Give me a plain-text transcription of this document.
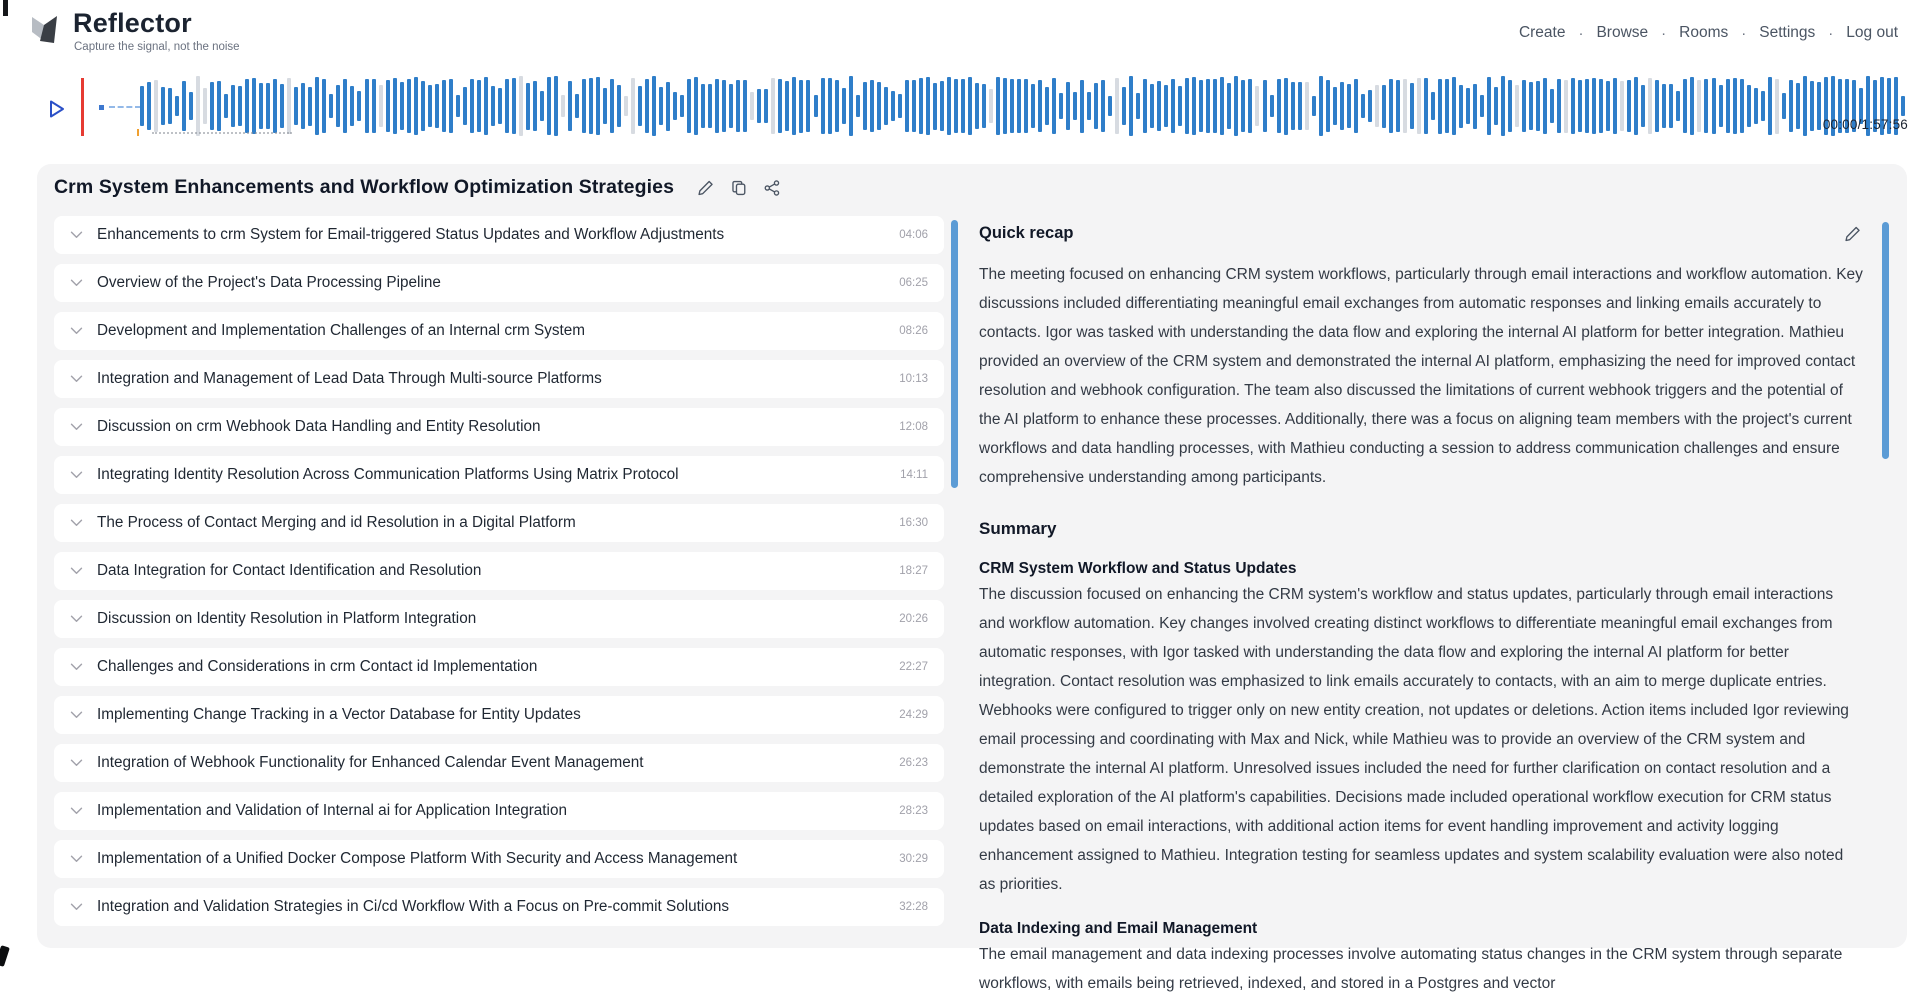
Reflector
Capture the signal, not the noise
Create · Browse · Rooms · Settings · Log out
00:00/1:57:56
Crm System Enhancements and Workflow Optimization Strategies
Enhancements to crm System for Email-triggered Status Updates and Workflow Adjustments	04:06
Overview of the Project's Data Processing Pipeline	06:25
Development and Implementation Challenges of an Internal crm System	08:26
Integration and Management of Lead Data Through Multi-source Platforms	10:13
Discussion on crm Webhook Data Handling and Entity Resolution	12:08
Integrating Identity Resolution Across Communication Platforms Using Matrix Protocol	14:11
The Process of Contact Merging and id Resolution in a Digital Platform	16:30
Data Integration for Contact Identification and Resolution	18:27
Discussion on Identity Resolution in Platform Integration	20:26
Challenges and Considerations in crm Contact id Implementation	22:27
Implementing Change Tracking in a Vector Database for Entity Updates	24:29
Integration of Webhook Functionality for Enhanced Calendar Event Management	26:23
Implementation and Validation of Internal ai for Application Integration	28:23
Implementation of a Unified Docker Compose Platform With Security and Access Management	30:29
Integration and Validation Strategies in Ci/cd Workflow With a Focus on Pre-commit Solutions	32:28
Quick recap

The meeting focused on enhancing CRM system workflows, particularly through email interactions and workflow automation. Key discussions included differentiating meaningful email exchanges from automatic responses and linking emails accurately to contacts. Igor was tasked with understanding the data flow and exploring the internal AI platform for better integration. Mathieu provided an overview of the CRM system and demonstrated the internal AI platform, emphasizing the need for improved contact resolution and webhook configuration. The team also discussed the limitations of current webhook triggers and the potential of the AI platform to enhance these processes. Additionally, there was a focus on aligning team members with the project's current workflows and data handling processes, with Mathieu conducting a session to address communication challenges and ensure comprehensive understanding among participants.

Summary
CRM System Workflow and Status Updates

The discussion focused on enhancing the CRM system's workflow and status updates, particularly through email interactions and workflow automation. Key changes involved creating distinct workflows to differentiate meaningful email exchanges from automatic responses, with Igor tasked with understanding the data flow and exploring the internal AI platform for better integration. Contact resolution was emphasized to link emails accurately to contacts, with an aim to merge duplicate entries. Webhooks were configured to trigger only on new entity creation, not updates or deletions. Action items included Igor reviewing email processing and coordinating with Max and Nick, while Mathieu was to provide an overview of the CRM system and demonstrate the internal AI platform. Unresolved issues included the need for further clarification on contact resolution and a detailed exploration of the AI platform's capabilities. Decisions made included operational workflow execution for CRM status updates based on email interactions, with additional action items for event handling improvement and activity logging enhancement assigned to Mathieu. Integration testing for seamless updates and system scalability evaluation were also noted as priorities.

Data Indexing and Email Management

The email management and data indexing processes involve automating status changes in the CRM system through separate workflows, with emails being retrieved, indexed, and stored in a Postgres and vector
